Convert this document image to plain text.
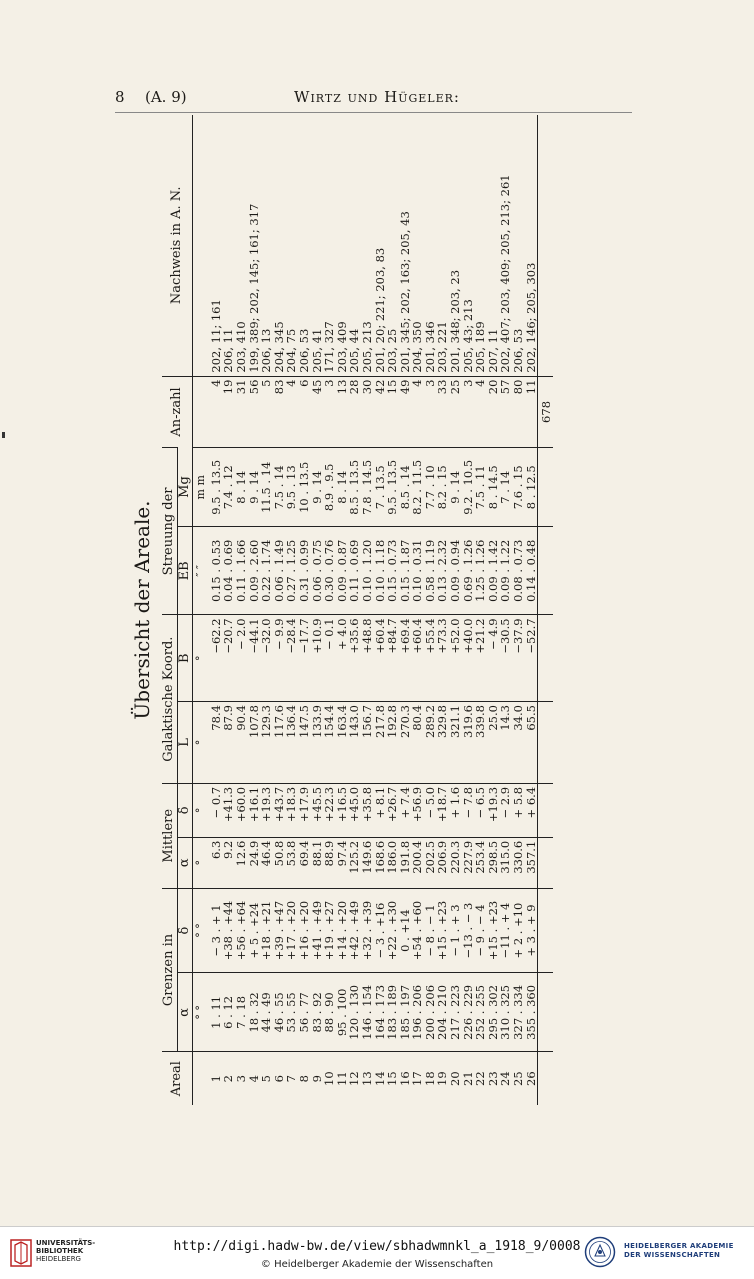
8 (A. 9)	Wirtz und Hügeler:
Übersicht der Areale.
Areal	Grenzen in		Mittlere		Galaktische Koord.		Streuung der		An-zahl	Nachweis in A. N.
	α	δ	α	δ	L	B	EB	Mg		
	° °	° °	°	°	°	°	″ ″	m m		
1	1 . 11	− 3 . + 1	6.3	− 0.7	78.4	−62.2	0.15 . 0.53	9.5 . 13.5	4	202, 11; 161
2	6 . 12	+38 . +44	9.2	+41.3	87.9	−20.7	0.04 . 0.69	7.4 . 12	19	206, 11
3	7 . 18	+56 . +64	12.6	+60.0	90.4	− 2.0	0.11 . 1.66	8 . 14	31	203, 410
4	18 . 32	+ 5 . +24	24.9	+16.1	107.8	−44.1	0.09 . 2.60	9 . 14	56	199, 389; 202, 145; 161; 317
5	44 . 49	+18 . +21	46.4	+19.3	129.3	−32.0	0.22 . 1.74	11.5 . 14	5	206, 13
6	46 . 55	+39 . +47	50.8	+43.7	117.6	− 9.9	0.06 . 1.49	7.5 . 14	83	204, 345
7	53 . 55	+17 . +20	53.8	+18.3	136.4	−28.4	0.27 . 1.25	9.5 . 13	4	204, 75
8	56 . 77	+16 . +20	69.4	+17.9	147.5	−17.7	0.31 . 0.99	10 . 13.5	6	206, 53
9	83 . 92	+41 . +49	88.1	+45.5	133.9	+10.9	0.06 . 0.75	9 . 14	45	205, 41
10	88 . 90	+19 . +27	88.9	+22.3	154.4	− 0.1	0.30 . 0.76	8.9 . 9.5	3	171, 327
11	95 . 100	+14 . +20	97.4	+16.5	163.4	+ 4.0	0.09 . 0.87	8 . 14	13	203, 409
12	120 . 130	+42 . +49	125.2	+45.0	143.0	+35.6	0.11 . 0.69	8.5 . 13.5	28	205, 44
13	146 . 154	+32 . +39	149.6	+35.8	156.7	+48.8	0.10 . 1.20	7.8 . 14.5	30	205, 213
14	164 . 173	− 3 . +16	168.6	+ 8.1	217.8	+60.4	0.10 . 1.18	7 . 13.5	42	201, 20; 221; 203, 83
15	183 . 189	+22 . +30	186.0	+26.7	192.8	+84.7	0.15 . 0.73	9.5 . 13.5	15	203, 25
16	185 . 197	0 . +14	191.8	+ 7.4	270.3	+69.4	0.15 . 1.87	8.5 . 14	49	201, 345; 202, 163; 205, 43
17	196 . 206	+54 . +60	200.4	+56.9	80.4	+60.4	0.10 . 0.31	8.2 . 11.5	4	204, 350
18	200 . 206	− 8 . − 1	202.5	− 5.0	289.2	+55.4	0.58 . 1.19	7.7 . 10	3	201, 346
19	204 . 210	+15 . +23	206.9	+18.7	329.8	+73.3	0.13 . 2.32	8.2 . 15	33	203, 221
20	217 . 223	− 1 . + 3	220.3	+ 1.6	321.1	+52.0	0.09 . 0.94	9 . 14	25	201, 348; 203, 23
21	226 . 229	−13 . − 3	227.9	− 7.8	319.6	+40.0	0.69 . 1.26	9.2 . 10.5	3	205, 43; 213
22	252 . 255	− 9 . − 4	253.4	− 6.5	339.8	+21.2	1.25 . 1.26	7.5 . 11	4	205, 189
23	295 . 302	+15 . +23	298.5	+19.3	25.0	− 4.9	0.09 . 1.42	8 . 14.5	20	207, 11
24	310 . 325	−11 . + 4	315.0	− 2.9	14.3	−30.5	0.09 . 1.22	7 . 14	57	202, 407; 203, 409; 205, 213; 261
25	327 . 334	+ 2 . +10	330.6	+ 5.8	34.0	−37.9	0.08 . 0.73	7.6 . 15	80	206, 53
26	355 . 360	+ 3 . + 9	357.1	+ 6.4	65.5	−52.7	0.14 . 0.48	8 . 12.5	11	202, 146; 205, 303
									678	
UNIVERSITÄTS-
BIBLIOTHEK
HEIDELBERG
http://digi.hadw-bw.de/view/sbhadwmnkl_a_1918_9/0008
© Heidelberger Akademie der Wissenschaften
HEIDELBERGER AKADEMIE
DER WISSENSCHAFTEN
